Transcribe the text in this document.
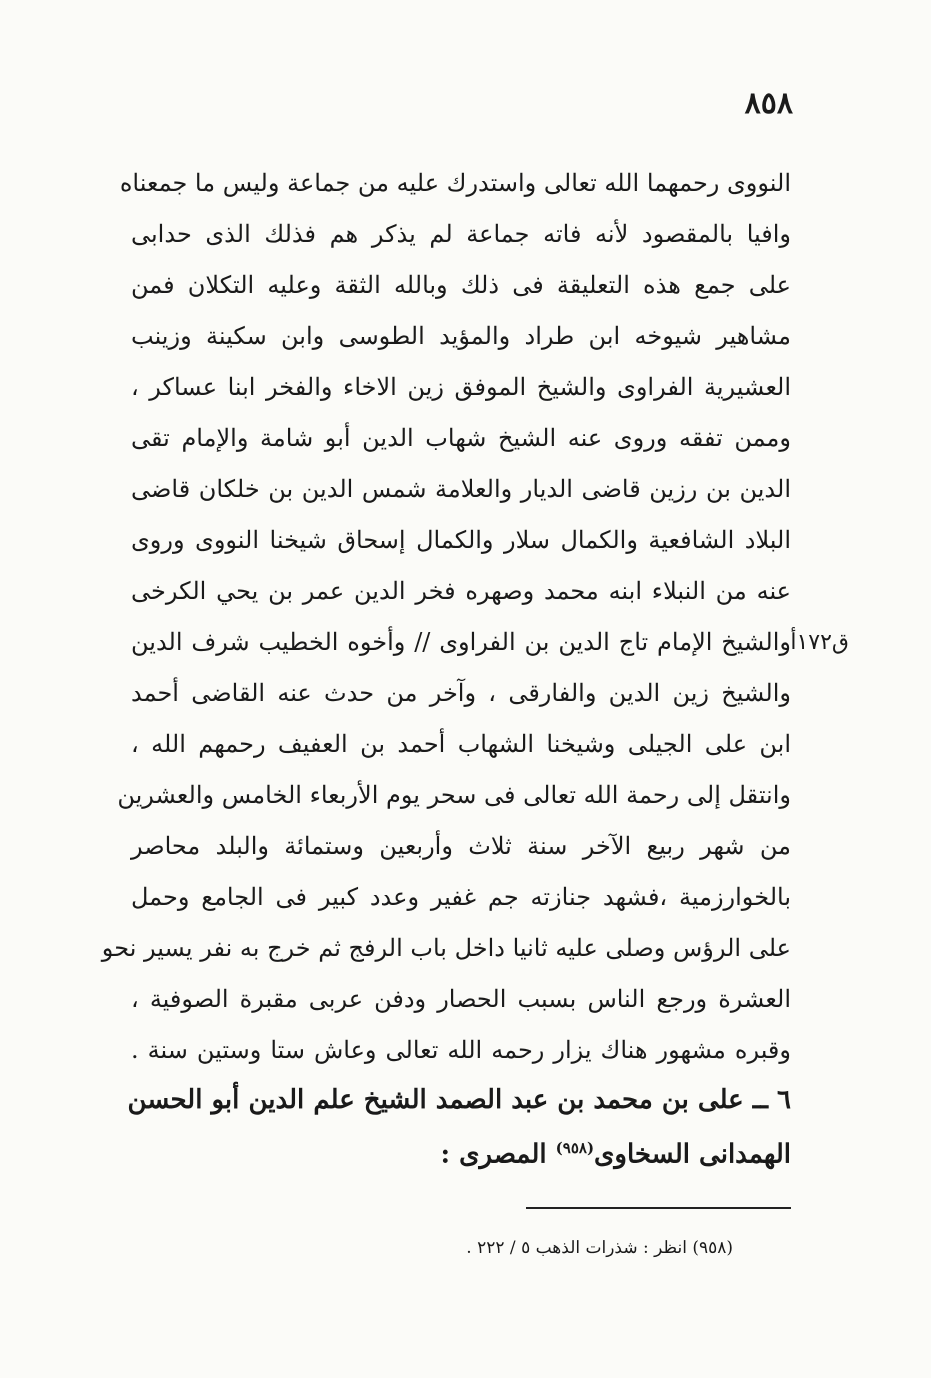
٨٥٨
النووى رحمهما الله تعالى واستدرك عليه من جماعة وليس ما جمعناه
وافيا بالمقصود لأنه فاته جماعة لم يذكر هم فذلك الذى حدابى
على جمع هذه التعليقة فى ذلك وبالله الثقة وعليه التكلان فمن
مشاهير شيوخه ابن طراد والمؤيد الطوسى وابن سكينة وزينب
العشيرية الفراوى والشيخ الموفق زين الاخاء والفخر ابنا عساكر ،
وممن تفقه وروى عنه الشيخ شهاب الدين أبو شامة والإمام تقى
الدين بن رزين قاضى الديار والعلامة شمس الدين بن خلكان قاضى
البلاد الشافعية والكمال سلار والكمال إسحاق شيخنا النووى وروى
عنه من النبلاء ابنه محمد وصهره فخر الدين عمر بن يحي الكرخى
والشيخ الإمام تاج الدين بن الفراوى // وأخوه الخطيب شرف الدين ق١٧٢أ
والشيخ زين الدين والفارقى ، وآخر من حدث عنه القاضى أحمد
ابن على الجيلى وشيخنا الشهاب أحمد بن العفيف رحمهم الله ،
وانتقل إلى رحمة الله تعالى فى سحر يوم الأربعاء الخامس والعشرين
من شهر ربيع الآخر سنة ثلاث وأربعين وستمائة والبلد محاصر
بالخوارزمية ،فشهد جنازته جم غفير وعدد كبير فى الجامع وحمل
على الرؤس وصلى عليه ثانيا داخل باب الرفج ثم خرج به نفر يسير نحو
العشرة ورجع الناس بسبب الحصار ودفن عربى مقبرة الصوفية ،
وقبره مشهور هناك يزار رحمه الله تعالى وعاش ستا وستين سنة .
٦ ــ على بن محمد بن عبد الصمد الشيخ علم الدين أبو الحسن
الهمدانى السخاوى$^{(٩٥٨)}$ المصرى :
(٩٥٨) انظر : شذرات الذهب ٥ / ٢٢٢ .
